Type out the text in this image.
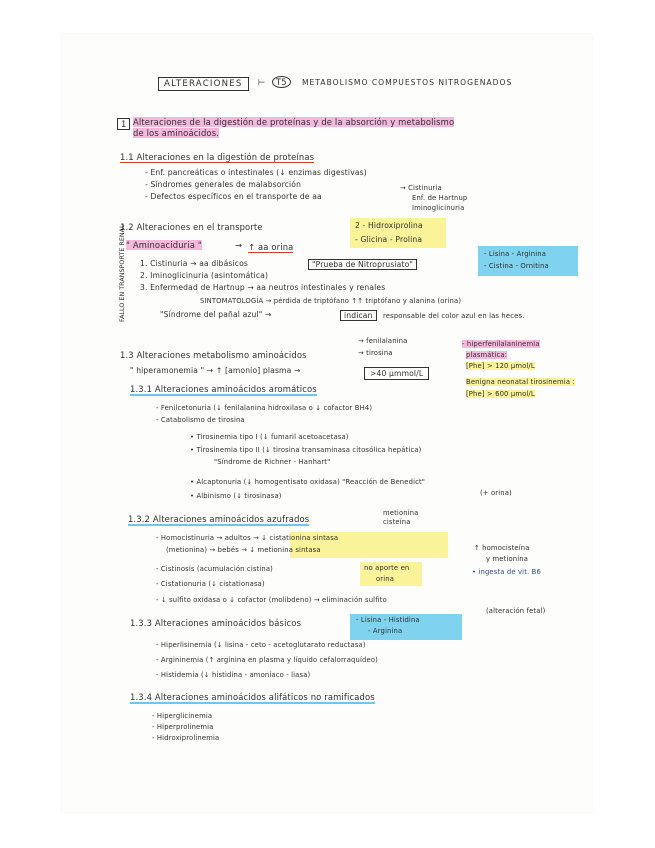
ALTERACIONES	⊢	T5	METABOLISMO COMPUESTOS NITROGENADOS
1 Alteraciones de la digestión de proteínas y de la absorción y metabolismo
de los aminoácidos.
1.1 Alteraciones en la digestión de proteínas
- Enf. pancreáticas o intestinales (↓ enzimas digestivas)
- Síndromes generales de malabsorción
- Defectos específicos en el transporte de aa
→ Cistinuria
Enf. de Hartnup
Iminoglicinuria
1.2 Alteraciones en el transporte	2 - Hidroxiprolina
- Glicina - Prolina
" Aminoaciduria "	→ ↑ aa orina
1. Cistinuria → aa dibásicos	"Prueba de Nitroprusiato"
- Lisina - Arginina
- Cistina - Ornitina
2. Iminoglicinuria (asintomática)
3. Enfermedad de Hartnup → aa neutros intestinales y renales
SINTOMATOLOGÍA → pérdida de triptófano ↑↑ triptófano y alanina (orina)
"Síndrome del pañal azul" →	indican	responsable del color azul en las heces.
FALLO EN TRANSPORTE RENAL
1.3 Alteraciones metabolismo aminoácidos
→ fenilalanina
→ tirosina
" hiperamonemia " → ↑ [amonio] plasma →	>40 μmmol/L
- hiperfenilalaninemia
plasmática:
[Phe] > 120 μmol/L
Benigna neonatal tirosinemia :
[Phe] > 600 μmol/L
1.3.1 Alteraciones aminoácidos aromáticos
- Fenilcetonuria (↓ fenilalanina hidroxilasa o ↓ cofactor BH4)
- Catabolismo de tirosina
• Tirosinemia tipo I (↓ fumaril acetoacetasa)
• Tirosinemia tipo II (↓ tirosina transaminasa citosólica hepática)
"Síndrome de Richner - Hanhart"
• Alcaptonuria (↓ homogentisato oxidasa) "Reacción de Benedict"
(+ orina)
• Albinismo (↓ tirosinasa)
1.3.2 Alteraciones aminoácidos azufrados
metionina
cisteína
- Homocistinuria → adultos → ↓ cistationina sintasa
(metionina) → bebés → ↓ metionina sintasa	↑ homocisteína
y metionina
no aporte en
orina
• ingesta de vit. B6
- Cistinosis (acumulación cistina)
- Cistationuria (↓ cistationasa)
- ↓ sulfito oxidasa o ↓ cofactor (molibdeno) → eliminación sulfito
(alteración fetal)
1.3.3 Alteraciones aminoácidos básicos	- Lisina - Histidina
- Arginina
- Hiperlisinemia (↓ lisina - ceto - acetoglutarato reductasa)
- Argininemia (↑ arginina en plasma y líquido cefalorraquídeo)
- Histidemia (↓ histidina - amoníaco - liasa)
1.3.4 Alteraciones aminoácidos alifáticos no ramificados
- Hiperglicinemia
- Hiperprolinemia
- Hidroxiprolinemia
